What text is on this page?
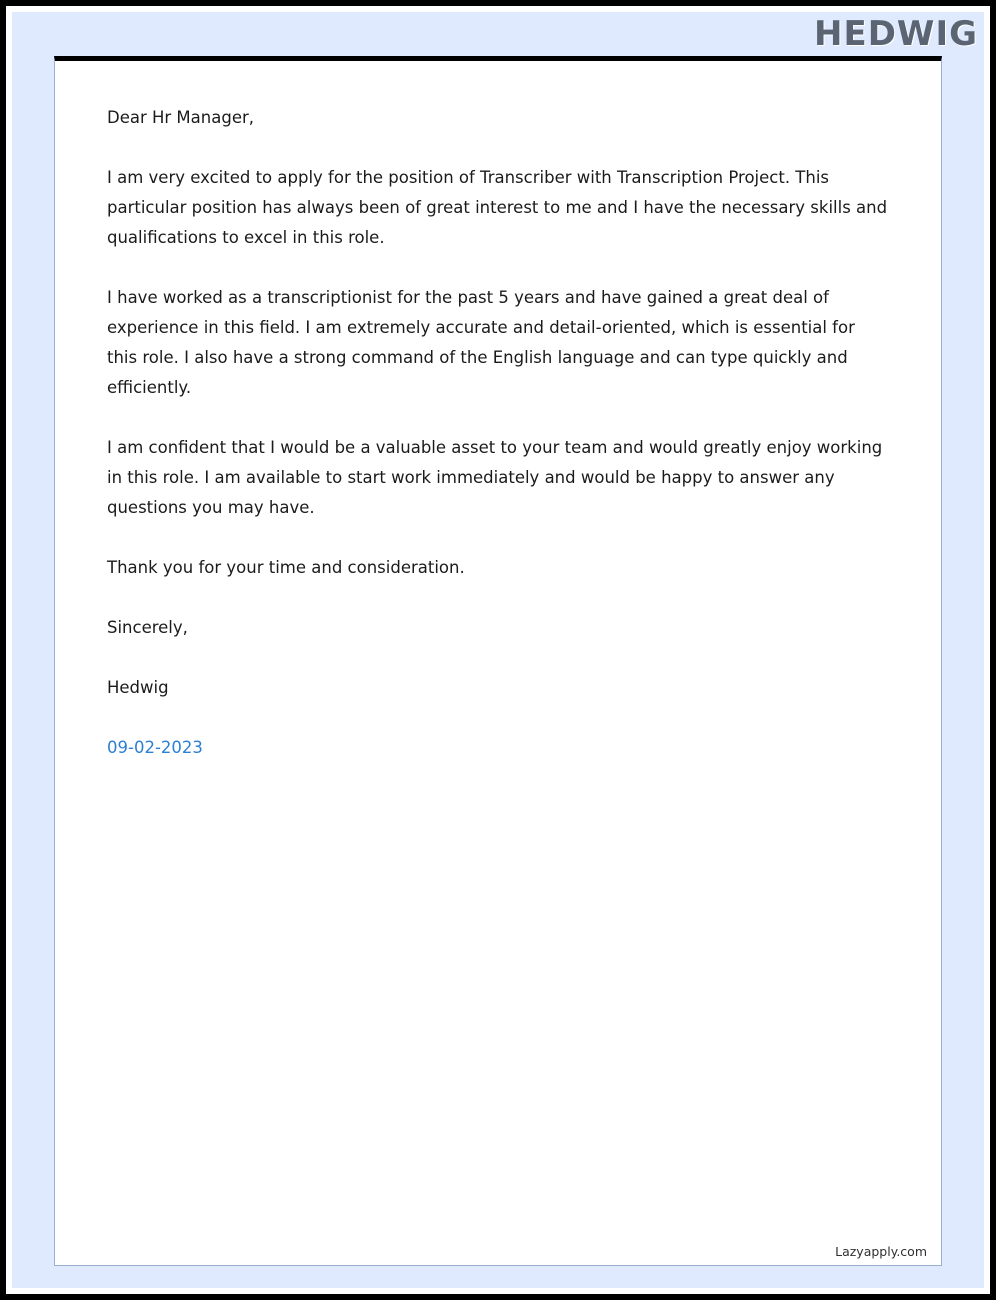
HEDWIG

Dear Hr Manager,

I am very excited to apply for the position of Transcriber with Transcription Project. This particular position has always been of great interest to me and I have the necessary skills and qualifications to excel in this role.

I have worked as a transcriptionist for the past 5 years and have gained a great deal of experience in this field. I am extremely accurate and detail-oriented, which is essential for this role. I also have a strong command of the English language and can type quickly and efficiently.

I am confident that I would be a valuable asset to your team and would greatly enjoy working in this role. I am available to start work immediately and would be happy to answer any questions you may have.

Thank you for your time and consideration.

Sincerely,

Hedwig

09-02-2023

Lazyapply.com
